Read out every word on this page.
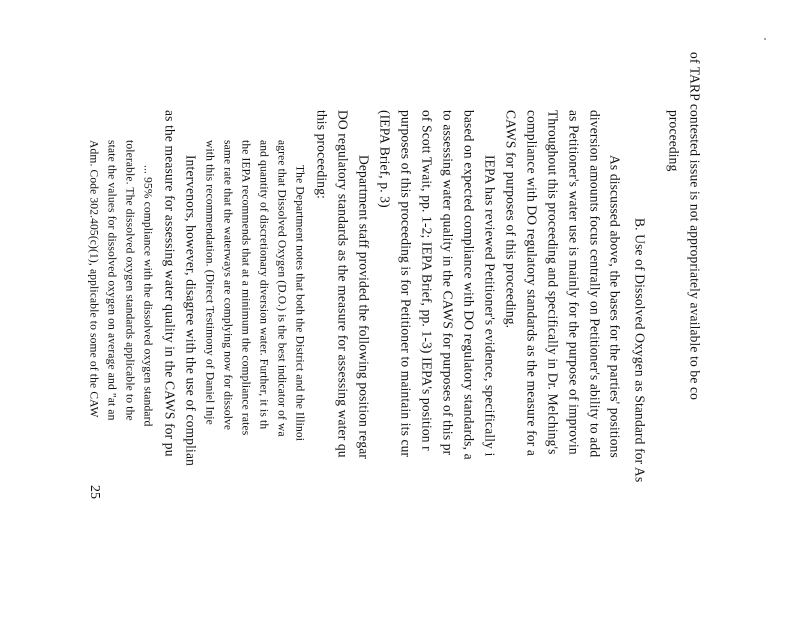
of TARP contested issue is not appropriately available to be co
proceeding
B. Use of Dissolved Oxygen as Standard for As
As discussed above, the bases for the parties' positions
diversion amounts focus centrally on Petitioner's ability to add
as Petitioner's water use is mainly for the purpose of improvin
Throughout this proceeding and specifically in Dr. Melching's
compliance with DO regulatory standards as the measure for a
CAWS for purposes of this proceeding.
IEPA has reviewed Petitioner's evidence, specifically i
based on expected compliance with DO regulatory standards, a
to assessing water quality in the CAWS for purposes of this pr
of Scott Twait, pp. 1-2; IEPA Brief, pp. 1-3) IEPA's position r
purposes of this proceeding is for Petitioner to maintain its cur
(IEPA Brief, p. 3)
Department staff provided the following position regar
DO regulatory standards as the measure for assessing water qu
this proceeding:
The Department notes that both the District and the Illinoi
agree that Dissolved Oxygen (D.O.) is the best indicator of wa
and quantity of discretionary diversion water. Further, it is th
the IEPA recommends that at a minimum the compliance rates
same rate that the waterways are complying now for dissolve
with this recommendation. (Direct Testimony of Daniel Inje
Intervenors, however, disagree with the use of complian
as the measure for assessing water quality in the CAWS for pu
... 95% compliance with the dissolved oxygen standard
tolerable. The dissolved oxygen standards applicable to the
state the values for dissolved oxygen on average and "at an
Adm. Code 302.405(c)(1), applicable to some of the CAW
25
